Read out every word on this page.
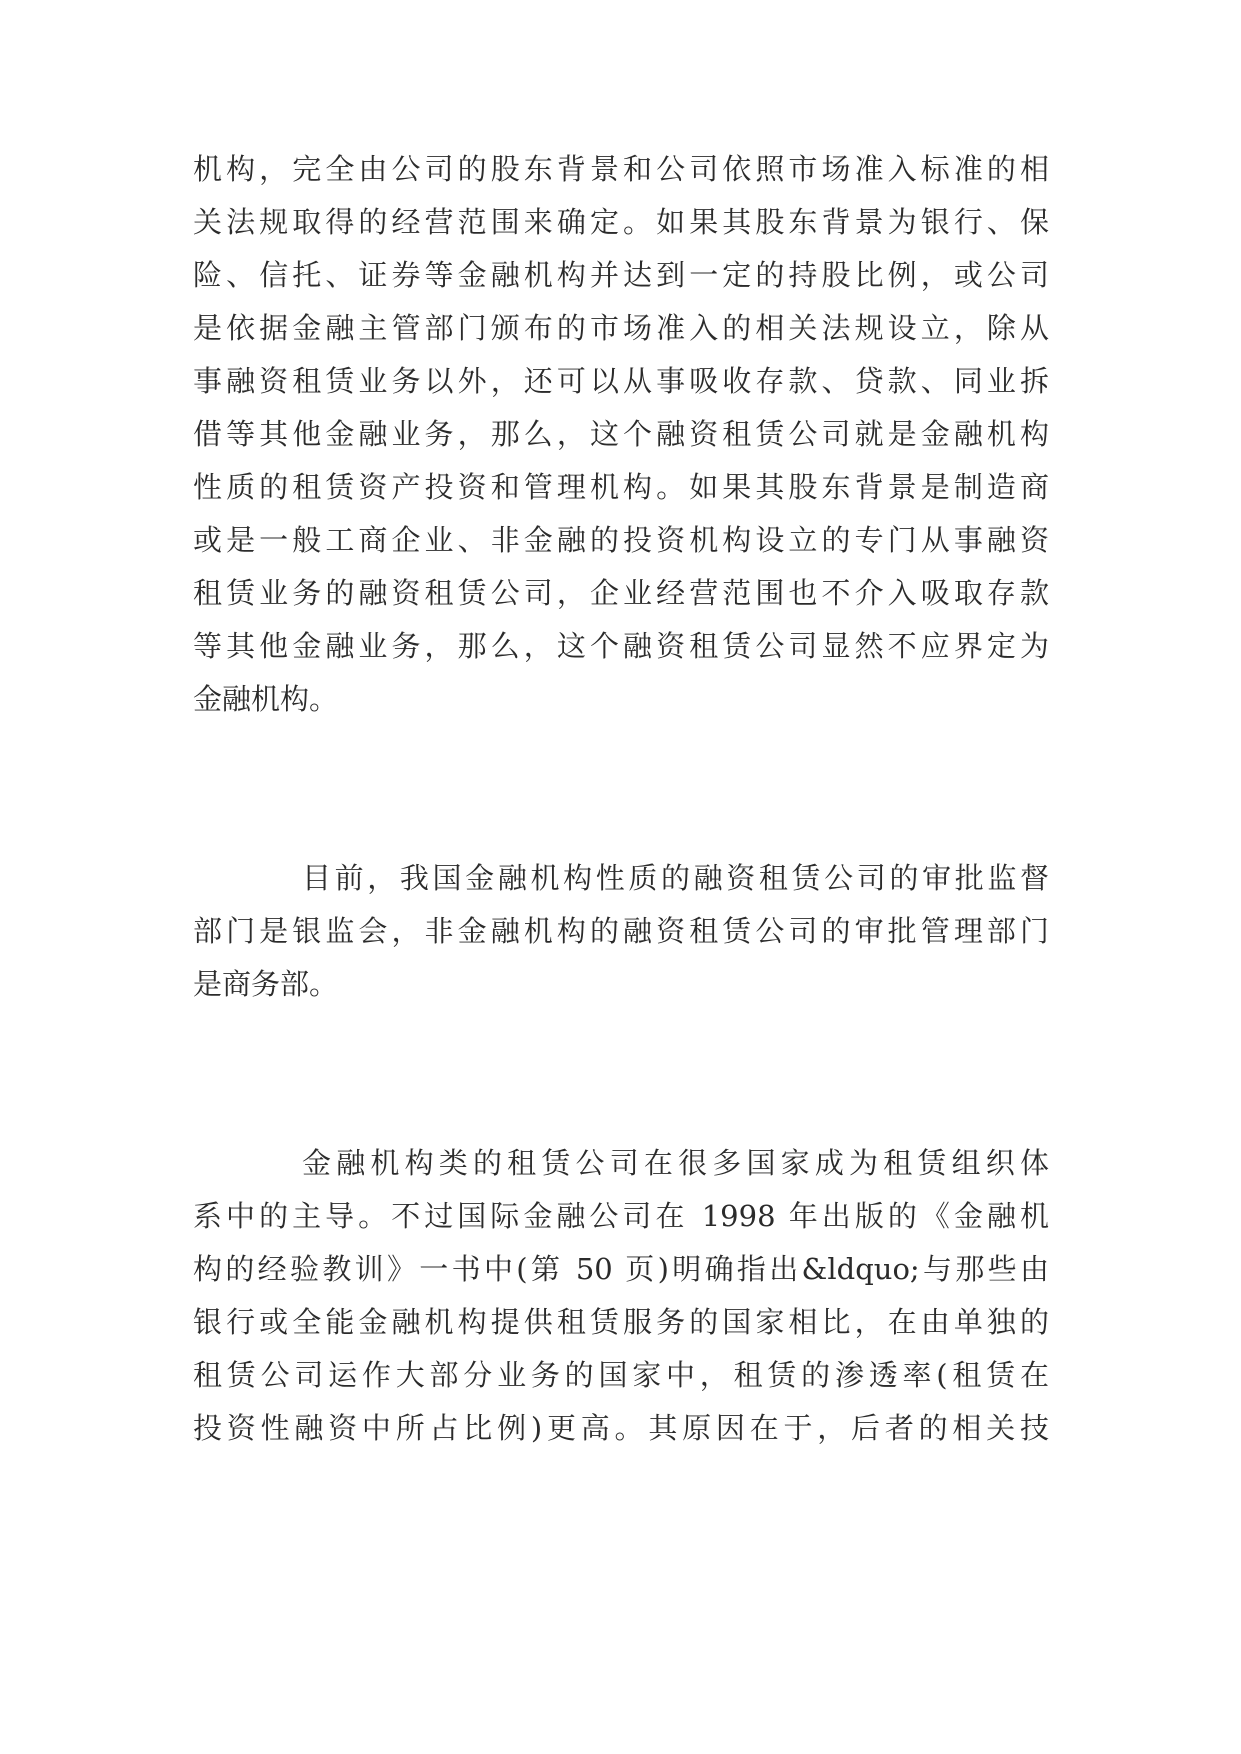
机构，完全由公司的股东背景和公司依照市场准入标准的相
关法规取得的经营范围来确定。如果其股东背景为银行、保
险、信托、证券等金融机构并达到一定的持股比例，或公司
是依据金融主管部门颁布的市场准入的相关法规设立，除从
事融资租赁业务以外，还可以从事吸收存款、贷款、同业拆
借等其他金融业务，那么，这个融资租赁公司就是金融机构
性质的租赁资产投资和管理机构。如果其股东背景是制造商
或是一般工商企业、非金融的投资机构设立的专门从事融资
租赁业务的融资租赁公司，企业经营范围也不介入吸取存款
等其他金融业务，那么，这个融资租赁公司显然不应界定为
金融机构。
目前，我国金融机构性质的融资租赁公司的审批监督
部门是银监会，非金融机构的融资租赁公司的审批管理部门
是商务部。
金融机构类的租赁公司在很多国家成为租赁组织体
系中的主导。不过国际金融公司在 1998 年出版的《金融机
构的经验教训》一书中(第 50 页)明确指出&ldquo;与那些由
银行或全能金融机构提供租赁服务的国家相比，在由单独的
租赁公司运作大部分业务的国家中，租赁的渗透率(租赁在
投资性融资中所占比例)更高。其原因在于，后者的相关技
